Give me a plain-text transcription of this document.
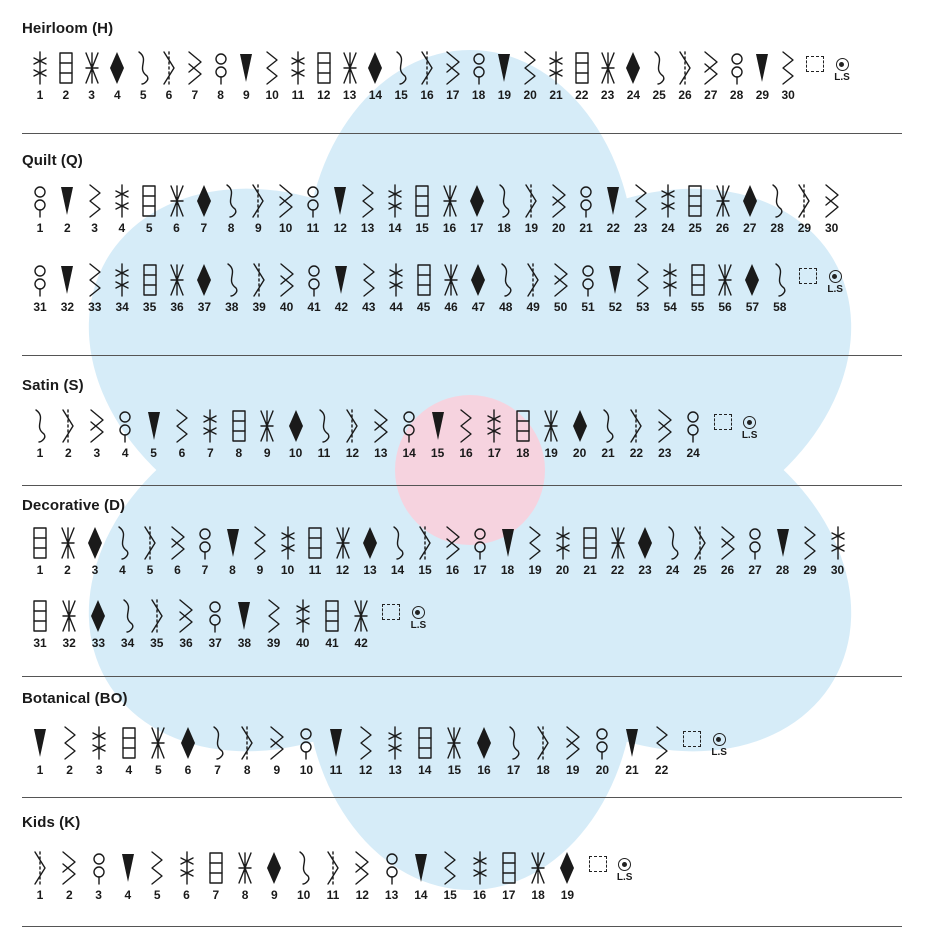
Heirloom (H)
1	2	3	4	5	6	7	8	9	10	11	12	13	14	15	16	17	18	19	20	21	22	23	24	25	26	27	28	29	30
L.S
Quilt (Q)
1	2	3	4	5	6	7	8	9	10	11	12	13	14	15	16	17	18	19	20	21	22	23	24	25	26	27	28	29	30
31	32	33	34	35	36	37	38	39	40	41	42	43	44	45	46	47	48	49	50	51	52	53	54	55	56	57	58
L.S
Satin (S)
1	2	3	4	5	6	7	8	9	10	11	12	13	14	15	16	17	18	19	20	21	22	23	24
L.S
Decorative (D)
1	2	3	4	5	6	7	8	9	10	11	12	13	14	15	16	17	18	19	20	21	22	23	24	25	26	27	28	29	30
31	32	33	34	35	36	37	38	39	40	41	42
L.S
Botanical (BO)
1	2	3	4	5	6	7	8	9	10	11	12	13	14	15	16	17	18	19	20	21	22
L.S
Kids (K)
1	2	3	4	5	6	7	8	9	10	11	12	13	14	15	16	17	18	19
L.S
